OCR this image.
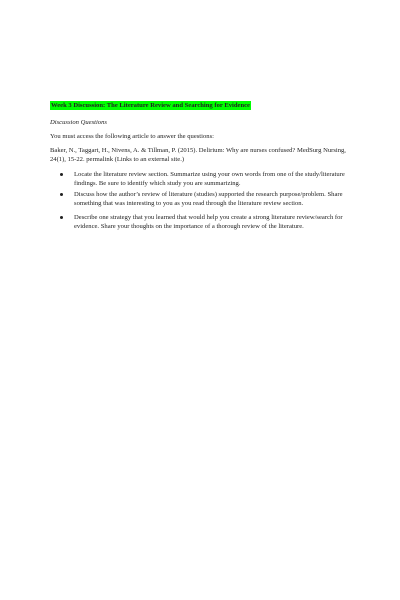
Week 3 Discussion: The Literature Review and Searching for Evidence
Discussion Questions
You must access the following article to answer the questions:
Baker, N., Taggart, H., Nivens, A. & Tillman, P. (2015). Delirium: Why are nurses confused? MedSurg Nursing, 24(1), 15-22. permalink (Links to an external site.)
Locate the literature review section. Summarize using your own words from one of the study/literature findings. Be sure to identify which study you are summarizing.
Discuss how the author’s review of literature (studies) supported the research purpose/problem. Share something that was interesting to you as you read through the literature review section.
Describe one strategy that you learned that would help you create a strong literature review/search for evidence. Share your thoughts on the importance of a thorough review of the literature.
